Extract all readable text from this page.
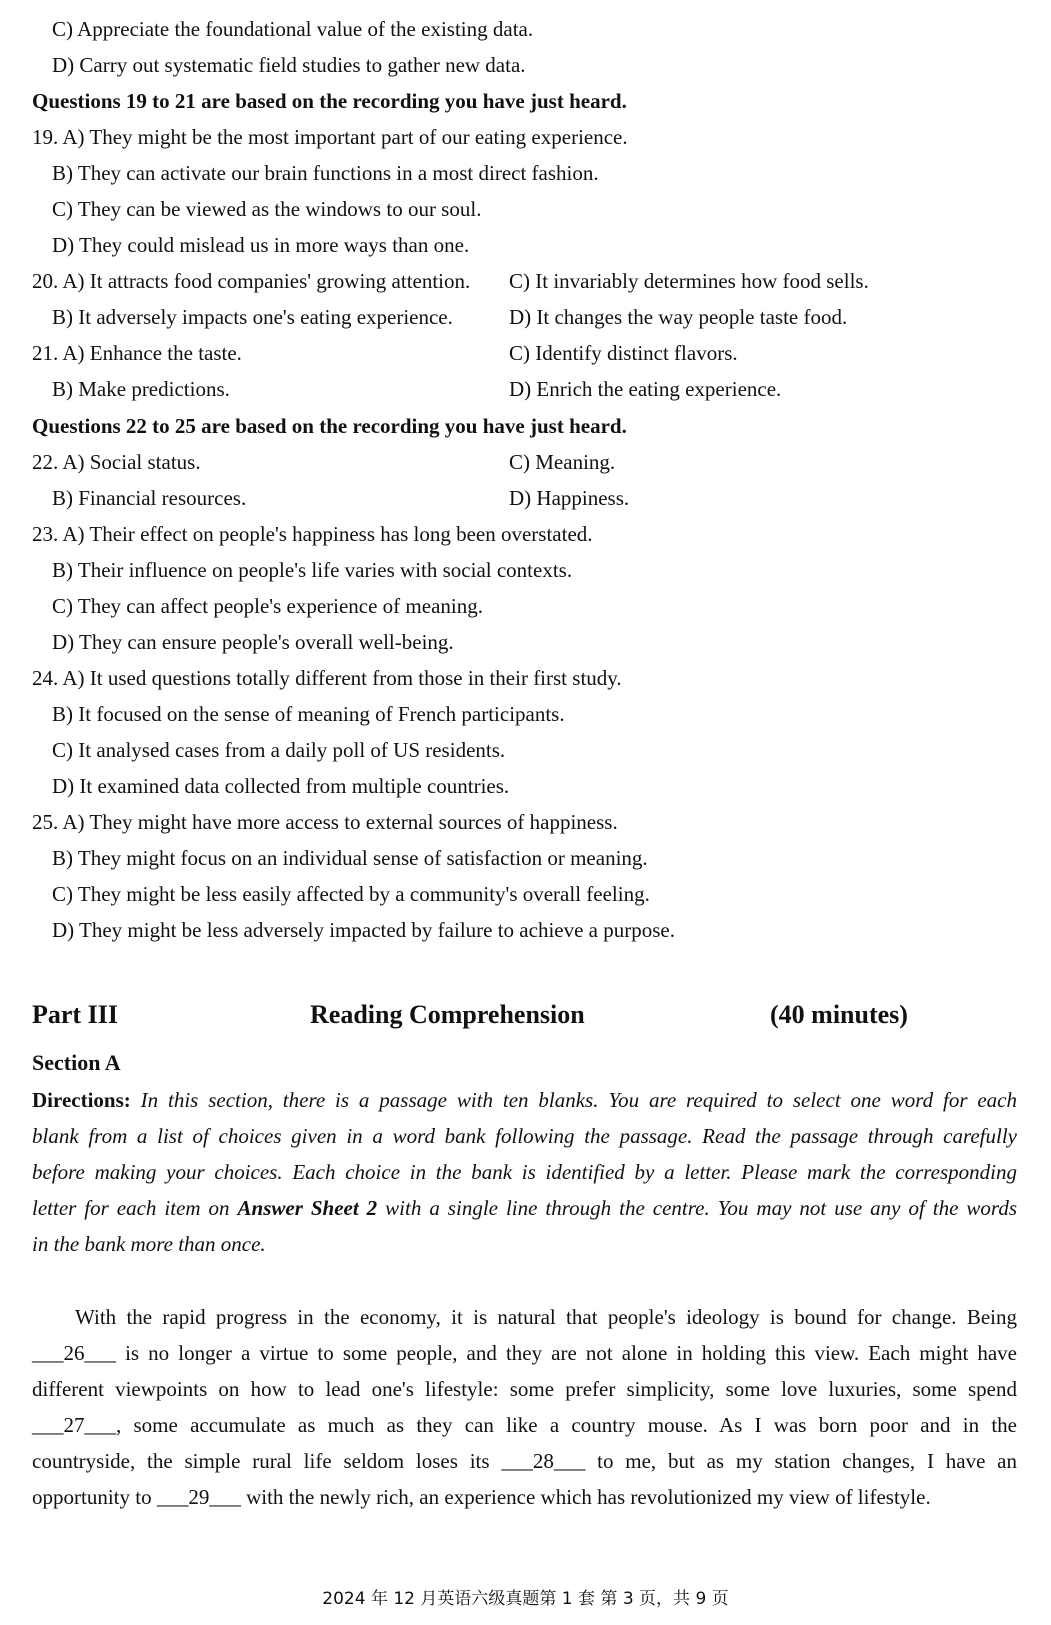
C) Appreciate the foundational value of the existing data.
D) Carry out systematic field studies to gather new data.
Questions 19 to 21 are based on the recording you have just heard.
19. A) They might be the most important part of our eating experience.
B) They can activate our brain functions in a most direct fashion.
C) They can be viewed as the windows to our soul.
D) They could mislead us in more ways than one.
20. A) It attracts food companies' growing attention. C) It invariably determines how food sells.
B) It adversely impacts one's eating experience.	D) It changes the way people taste food.
21. A) Enhance the taste.	C) Identify distinct flavors.
B) Make predictions.	D) Enrich the eating experience.
Questions 22 to 25 are based on the recording you have just heard.
22. A) Social status.	C) Meaning.
B) Financial resources.	D) Happiness.
23. A) Their effect on people's happiness has long been overstated.
B) Their influence on people's life varies with social contexts.
C) They can affect people's experience of meaning.
D) They can ensure people's overall well-being.
24. A) It used questions totally different from those in their first study.
B) It focused on the sense of meaning of French participants.
C) It analysed cases from a daily poll of US residents.
D) It examined data collected from multiple countries.
25. A) They might have more access to external sources of happiness.
B) They might focus on an individual sense of satisfaction or meaning.
C) They might be less easily affected by a community's overall feeling.
D) They might be less adversely impacted by failure to achieve a purpose.
Part III	Reading Comprehension	(40 minutes)
Section A
Directions: In this section, there is a passage with ten blanks. You are required to select one word for each
blank from a list of choices given in a word bank following the passage. Read the passage through carefully
before making your choices. Each choice in the bank is identified by a letter. Please mark the corresponding
letter for each item on Answer Sheet 2 with a single line through the centre. You may not use any of the words
in the bank more than once.
With the rapid progress in the economy, it is natural that people's ideology is bound for change. Being
___26___ is no longer a virtue to some people, and they are not alone in holding this view. Each might have
different viewpoints on how to lead one's lifestyle: some prefer simplicity, some love luxuries, some spend
___27___, some accumulate as much as they can like a country mouse. As I was born poor and in the
countryside, the simple rural life seldom loses its ___28___ to me, but as my station changes, I have an
opportunity to ___29___ with the newly rich, an experience which has revolutionized my view of lifestyle.
2024 年 12 月英语六级真题第 1 套 第 3 页，共 9 页
